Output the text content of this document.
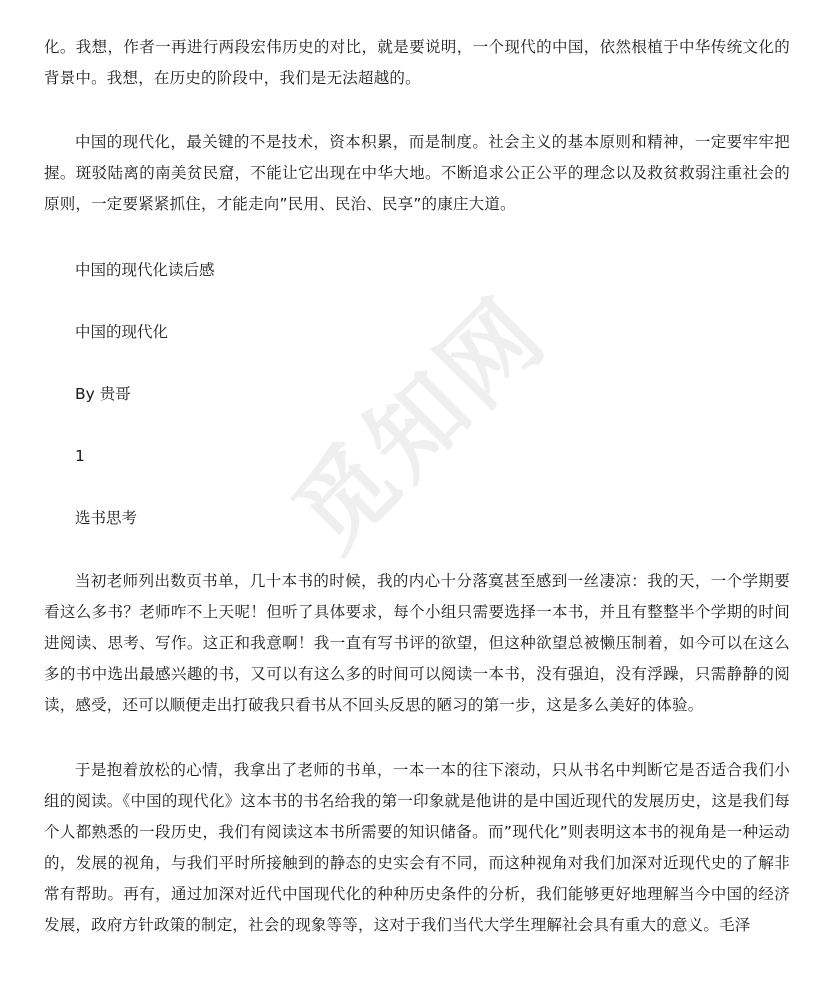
觅知网

化。我想，作者一再进行两段宏伟历史的对比，就是要说明，一个现代的中国，依然根植于中华传统文化的背景中。我想，在历史的阶段中，我们是无法超越的。

中国的现代化，最关键的不是技术，资本积累，而是制度。社会主义的基本原则和精神，一定要牢牢把握。斑驳陆离的南美贫民窟，不能让它出现在中华大地。不断追求公正公平的理念以及救贫救弱注重社会的原则，一定要紧紧抓住，才能走向”民用、民治、民享”的康庄大道。

中国的现代化读后感

中国的现代化

By 贵哥

1

选书思考

当初老师列出数页书单，几十本书的时候，我的内心十分落寞甚至感到一丝凄凉：我的天，一个学期要看这么多书？老师咋不上天呢！但听了具体要求，每个小组只需要选择一本书，并且有整整半个学期的时间进阅读、思考、写作。这正和我意啊！我一直有写书评的欲望，但这种欲望总被懒压制着，如今可以在这么多的书中选出最感兴趣的书，又可以有这么多的时间可以阅读一本书，没有强迫，没有浮躁，只需静静的阅读，感受，还可以顺便走出打破我只看书从不回头反思的陋习的第一步，这是多么美好的体验。

于是抱着放松的心情，我拿出了老师的书单，一本一本的往下滚动，只从书名中判断它是否适合我们小组的阅读。《中国的现代化》这本书的书名给我的第一印象就是他讲的是中国近现代的发展历史，这是我们每个人都熟悉的一段历史，我们有阅读这本书所需要的知识储备。而”现代化”则表明这本书的视角是一种运动的，发展的视角，与我们平时所接触到的静态的史实会有不同，而这种视角对我们加深对近现代史的了解非常有帮助。再有，通过加深对近代中国现代化的种种历史条件的分析，我们能够更好地理解当今中国的经济发展，政府方针政策的制定，社会的现象等等，这对于我们当代大学生理解社会具有重大的意义。毛泽
